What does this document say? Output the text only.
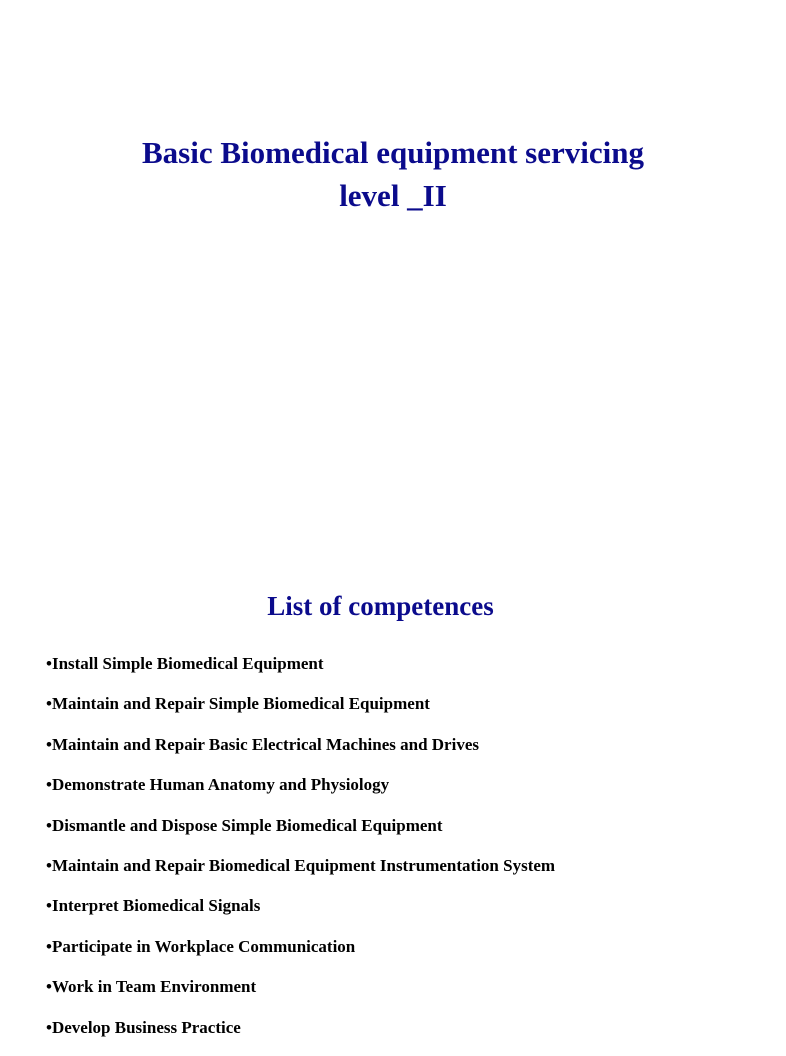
Basic Biomedical equipment servicing
level _II
List of competences
•Install Simple Biomedical Equipment
•Maintain and Repair Simple Biomedical Equipment
•Maintain and Repair Basic Electrical Machines and Drives
•Demonstrate Human Anatomy and Physiology
•Dismantle and Dispose Simple Biomedical Equipment
•Maintain and Repair Biomedical Equipment Instrumentation System
•Interpret Biomedical Signals
•Participate in Workplace Communication
•Work in Team Environment
•Develop Business Practice
